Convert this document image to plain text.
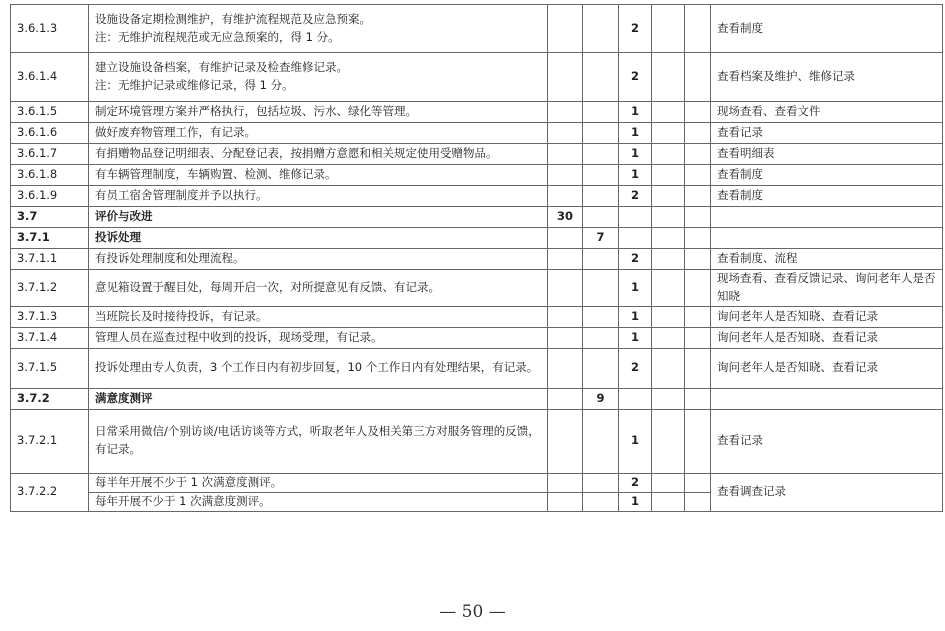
3.6.1.3	设施设备定期检测维护，有维护流程规范及应急预案。
注：无维护流程规范或无应急预案的，得 1 分。			2			查看制度

3.6.1.4	建立设施设备档案，有维护记录及检查维修记录。
注：无维护记录或维修记录，得 1 分。			2			查看档案及维护、维修记录

3.6.1.5	制定环境管理方案并严格执行，包括垃圾、污水、绿化等管理。			1			现场查看、查看文件

3.6.1.6	做好废弃物管理工作，有记录。			1			查看记录

3.6.1.7	有捐赠物品登记明细表、分配登记表，按捐赠方意愿和相关规定使用受赠物品。			1			查看明细表

3.6.1.8	有车辆管理制度，车辆购置、检测、维修记录。			1			查看制度

3.6.1.9	有员工宿舍管理制度并予以执行。			2			查看制度

3.7	评价与改进	30					

3.7.1	投诉处理		7				

3.7.1.1	有投诉处理制度和处理流程。			2			查看制度、流程

3.7.1.2	意见箱设置于醒目处，每周开启一次，对所提意见有反馈、有记录。			1			现场查看、查看反馈记录、询问老年人是否知晓

3.7.1.3	当班院长及时接待投诉，有记录。			1			询问老年人是否知晓、查看记录

3.7.1.4	管理人员在巡查过程中收到的投诉，现场受理，有记录。			1			询问老年人是否知晓、查看记录

3.7.1.5	投诉处理由专人负责，3 个工作日内有初步回复，10 个工作日内有处理结果，有记录。			2			询问老年人是否知晓、查看记录

3.7.2	满意度测评		9				

3.7.2.1	日常采用微信/个别访谈/电话访谈等方式，听取老年人及相关第三方对服务管理的反馈，有记录。			1			查看记录

3.7.2.2	每半年开展不少于 1 次满意度测评。			2			查看调查记录
	每年开展不少于 1 次满意度测评。			1			
— 50 —
